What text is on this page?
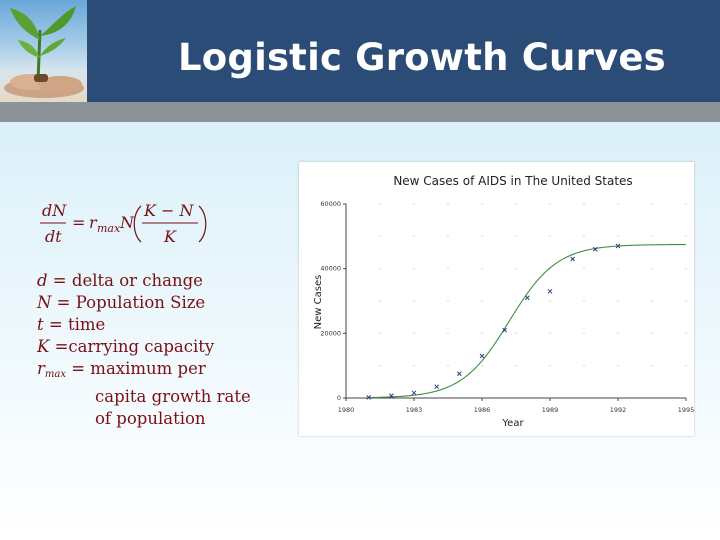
Logistic Growth Curves
dN
dt
= r max N
K − N
K
d = delta or change
N = Population Size
t = time
K =carrying capacity
$r_{max}$ = maximum per
capita growth rate
of population
New Cases of AIDS in The United States
Year
New Cases
1980	1983	1986	1989	1992	1995
0
20000
40000
60000
